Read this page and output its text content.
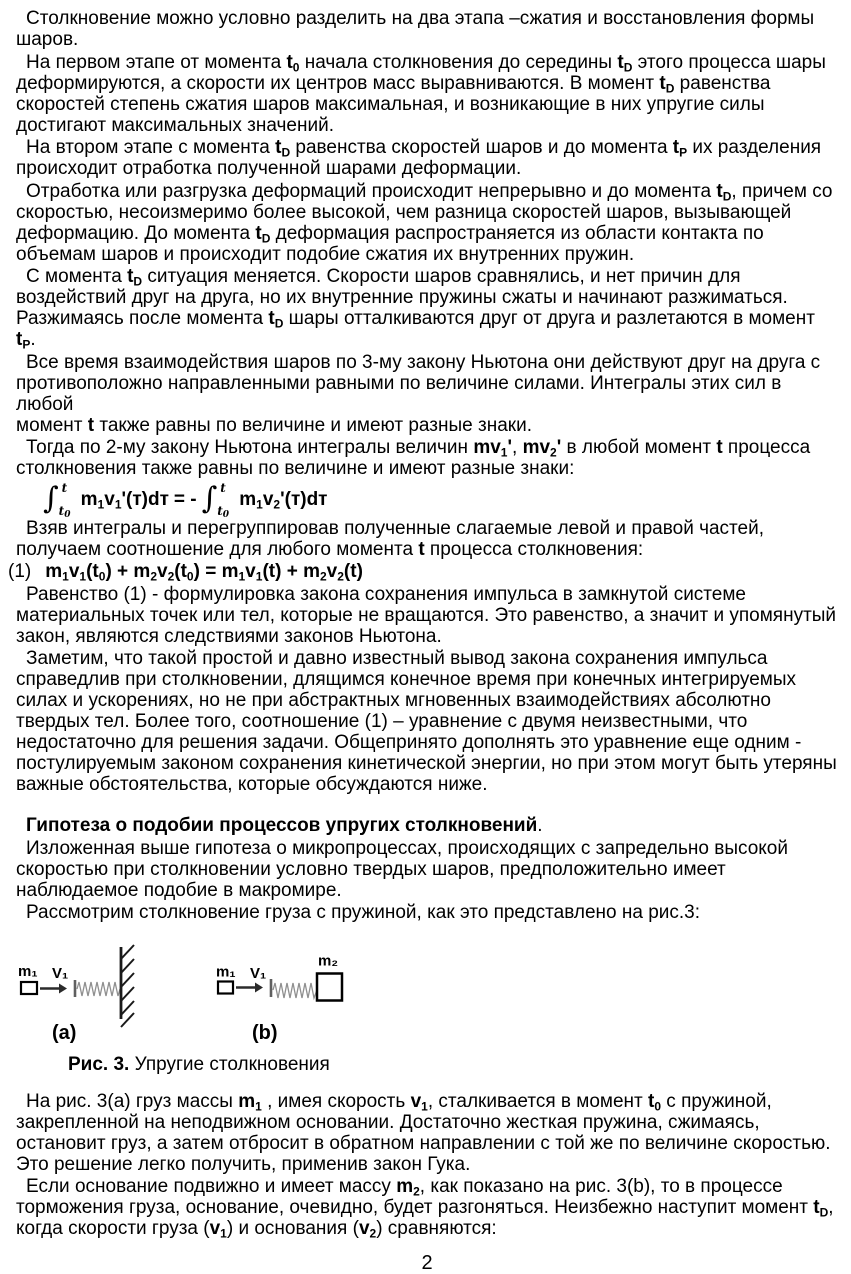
Столкновение можно условно разделить на два этапа –сжатия и восстановления формы
шаров.

На первом этапе от момента $t_0$ начала столкновения до середины $t_D$ этого процесса шары
деформируются, а скорости их центров масс выравниваются. В момент $t_D$ равенства
скоростей степень сжатия шаров максимальная, и возникающие в них упругие силы
достигают максимальных значений.

На втором этапе с момента $t_D$ равенства скоростей шаров и до момента $t_P$ их разделения
происходит отработка полученной шарами деформации.

Отработка или разгрузка деформаций происходит непрерывно и до момента $t_D$, причем со
скоростью, несоизмеримо более высокой, чем разница скоростей шаров, вызывающей
деформацию. До момента $t_D$ деформация распространяется из области контакта по
объемам шаров и происходит подобие сжатия их внутренних пружин.

С момента $t_D$ ситуация меняется. Скорости шаров сравнялись, и нет причин для
воздействий друг на друга, но их внутренние пружины сжаты и начинают разжиматься.
Разжимаясь после момента $t_D$ шары отталкиваются друг от друга и разлетаются в момент $t_P$.

Все время взаимодействия шаров по 3-му закону Ньютона они действуют друг на друга с
противоположно направленными равными по величине силами. Интегралы этих сил в любой
момент t также равны по величине и имеют разные знаки.

Тогда по 2-му закону Ньютона интегралы величин $mv_1'$, $mv_2'$ в любой момент t процесса
столкновения также равны по величине и имеют разные знаки:

∫ t
$t_0$
$m_1v_1'(т)dт$ = - ∫ t
$t_0$
$m_1v_2'(т)dт$

Взяв интегралы и перегруппировав полученные слагаемые левой и правой частей,
получаем соотношение для любого момента t процесса столкновения:

(1) $m_1v_1(t_0) + m_2v_2(t_0) = m_1v_1(t) + m_2v_2(t)$

Равенство (1) - формулировка закона сохранения импульса в замкнутой системе
материальных точек или тел, которые не вращаются. Это равенство, а значит и упомянутый
закон, являются следствиями законов Ньютона.

Заметим, что такой простой и давно известный вывод закона сохранения импульса
справедлив при столкновении, длящимся конечное время при конечных интегрируемых
силах и ускорениях, но не при абстрактных мгновенных взаимодействиях абсолютно
твердых тел. Более того, соотношение (1) – уравнение с двумя неизвестными, что
недостаточно для решения задачи. Общепринято дополнять это уравнение еще одним -
постулируемым законом сохранения кинетической энергии, но при этом могут быть утеряны
важные обстоятельства, которые обсуждаются ниже.

Гипотеза о подобии процессов упругих столкновений.

Изложенная выше гипотеза о микропроцессах, происходящих с запредельно высокой
скоростью при столкновении условно твердых шаров, предположительно имеет
наблюдаемое подобие в макромире.

Рассмотрим столкновение груза с пружиной, как это представлено на рис.3:

m₁ V₁
(a)
m₁ V₁
m₂
(b)

Рис. 3. Упругие столкновения

На рис. 3(a) груз массы $m_1$ , имея скорость $v_1$, сталкивается в момент $t_0$ с пружиной,
закрепленной на неподвижном основании. Достаточно жесткая пружина, сжимаясь,
остановит груз, а затем отбросит в обратном направлении с той же по величине скоростью.
Это решение легко получить, применив закон Гука.

Если основание подвижно и имеет массу $m_2$, как показано на рис. 3(b), то в процессе
торможения груза, основание, очевидно, будет разгоняться. Неизбежно наступит момент $t_D$,
когда скорости груза $(v_1)$ и основания $(v_2)$ сравняются:

2
